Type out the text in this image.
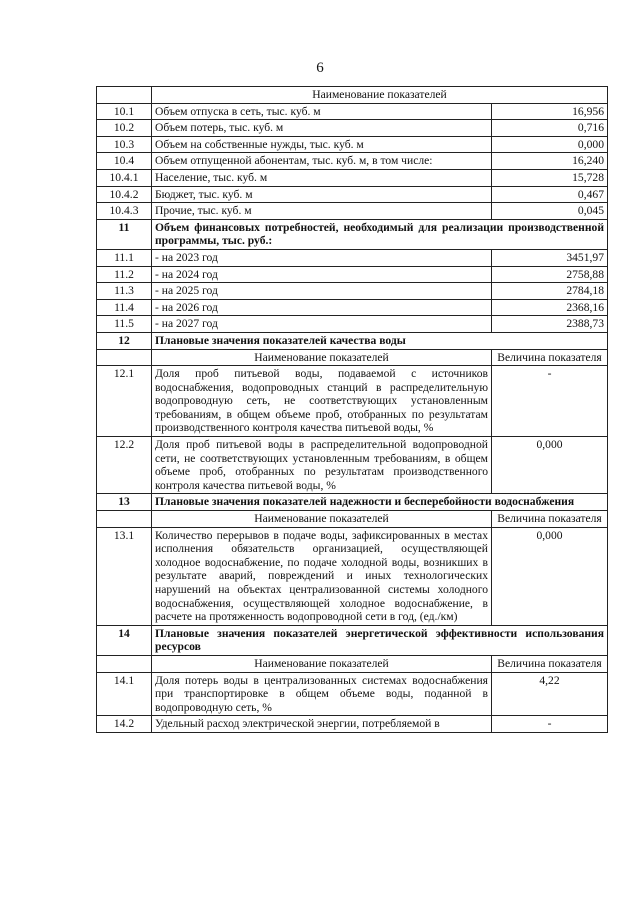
6
	Наименование показателей	
10.1	Объем отпуска в сеть, тыс. куб. м	16,956
10.2	Объем потерь, тыс. куб. м	0,716
10.3	Объем на собственные нужды, тыс. куб. м	0,000
10.4	Объем отпущенной абонентам, тыс. куб. м, в том числе:	16,240
10.4.1	Население, тыс. куб. м	15,728
10.4.2	Бюджет, тыс. куб. м	0,467
10.4.3	Прочие, тыс. куб. м	0,045
11	Объем финансовых потребностей, необходимый для реализации производственной программы, тыс. руб.:	
11.1	- на 2023 год	3451,97
11.2	- на 2024 год	2758,88
11.3	- на 2025 год	2784,18
11.4	- на 2026 год	2368,16
11.5	- на 2027 год	2388,73
12	Плановые значения показателей качества воды	
	Наименование показателей	Величина показателя
12.1	Доля проб питьевой воды, подаваемой с источников водоснабжения, водопроводных станций в распределительную водопроводную сеть, не соответствующих установленным требованиям, в общем объеме проб, отобранных по результатам производственного контроля качества питьевой воды, %	-
12.2	Доля проб питьевой воды в распределительной водопроводной сети, не соответствующих установленным требованиям, в общем объеме проб, отобранных по результатам производственного контроля качества питьевой воды, %	0,000
13	Плановые значения показателей надежности и бесперебойности водоснабжения	
	Наименование показателей	Величина показателя
13.1	Количество перерывов в подаче воды, зафиксированных в местах исполнения обязательств организацией, осуществляющей холодное водоснабжение, по подаче холодной воды, возникших в результате аварий, повреждений и иных технологических нарушений на объектах централизованной системы холодного водоснабжения, осуществляющей холодное водоснабжение, в расчете на протяженность водопроводной сети в год, (ед./км)	0,000
14	Плановые значения показателей энергетической эффективности использования ресурсов	
	Наименование показателей	Величина показателя
14.1	Доля потерь воды в централизованных системах водоснабжения при транспортировке в общем объеме воды, поданной в водопроводную сеть, %	4,22
14.2	Удельный расход электрической энергии, потребляемой в	-
